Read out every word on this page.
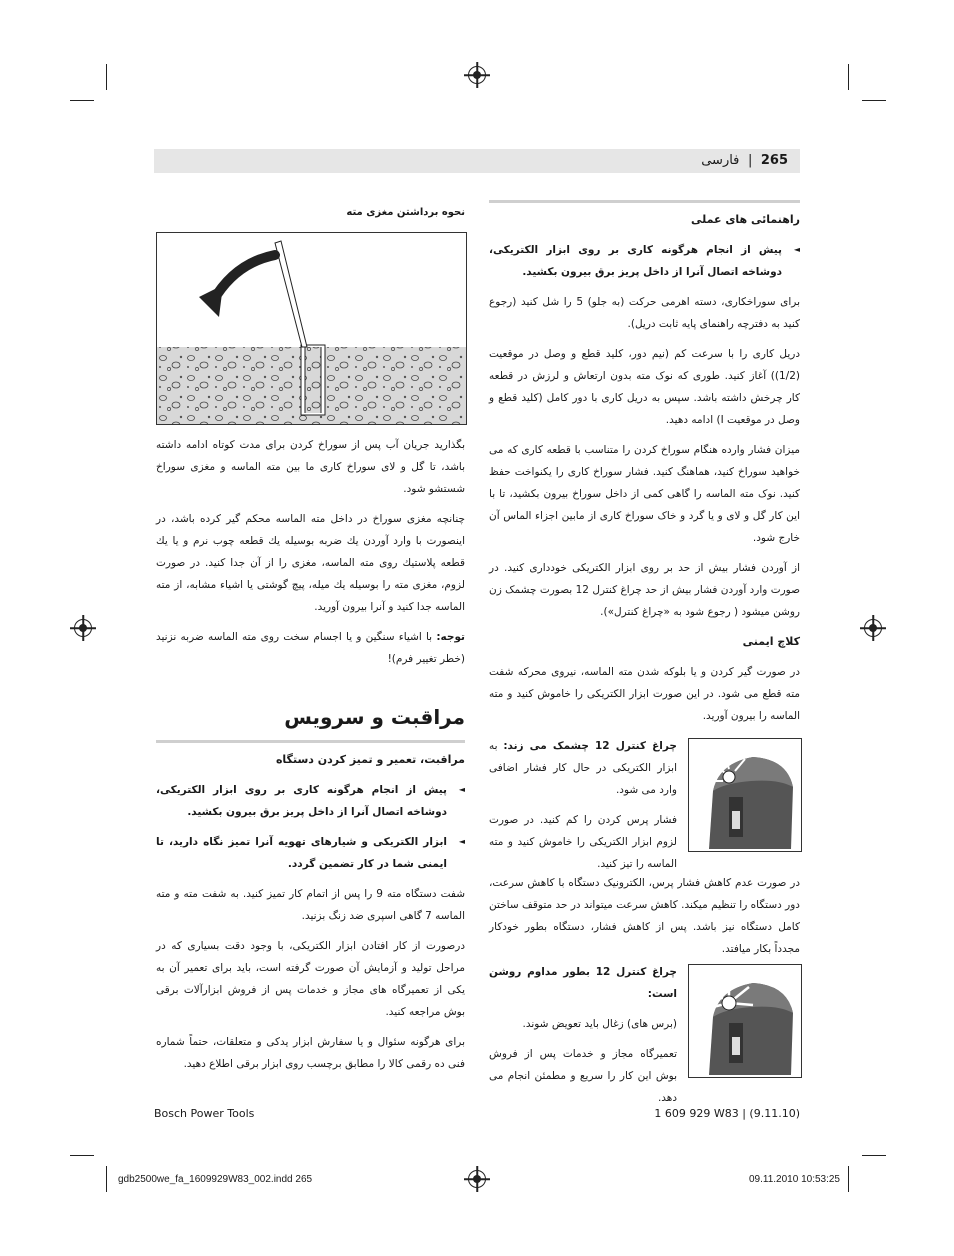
265 | فارسی
راهنمائی های عملی

◄ پیش از انجام هرگونه کاری بر روی ابزار الکتریکی، دوشاخه اتصال آنرا از داخل پریز برق بیرون بکشید.

برای سوراخکاری، دسته اهرمی حرکت (به جلو) 5 را شل کنید (رجوع کنید به دفترچه راهنمای پایه ثابت دریل).

دریل کاری را با سرعت کم (نیم دور، کلید قطع و وصل در موقعیت (1/2)) آغاز کنید. طوری که نوک مته بدون ارتعاش و لرزش در قطعه کار چرخش داشته باشد. سپس به دریل کاری با دور کامل (کلید قطع و وصل در موقعیت I) ادامه دهید.

میزان فشار وارده هنگام سوراخ کردن را متناسب با قطعه کاری که می خواهید سوراخ کنید، هماهنگ کنید. فشار سوراخ کاری را یکنواخت حفظ کنید. نوک مته الماسه را گاهی کمی از داخل سوراخ بیرون بکشید، تا با این کار گل و لای و یا گرد و خاک سوراخ کاری از مابین اجزاء الماس آن خارج شود.

از آوردن فشار بیش از حد بر روی ابزار الکتریکی خودداری کنید. در صورت وارد آوردن فشار بیش از حد چراغ کنترل 12 بصورت چشمک زن روشن میشود ( رجوع شود به «چراغ کنترل»).

کلاچ ایمنی

در صورت گیر کردن و یا بلوکه شدن مته الماسه، نیروی محرکه شفت مته قطع می شود. در این صورت ابزار الکتریکی را خاموش کنید و مته الماسه را بیرون آورید.

چراغ کنترل 12 چشمک می زند: به ابزار الکتریکی در حال کار فشار اضافی وارد می شود.

فشار پرس کردن را کم کنید. در صورت لزوم ابزار الکتریکی را خاموش کنید و مته الماسه را تیز کنید.

در صورت عدم کاهش فشار پرس، الکترونیک دستگاه با کاهش سرعت، دور دستگاه را تنظیم میکند. کاهش سرعت میتواند در حد متوقف ساختن کامل دستگاه نیز باشد. پس از کاهش فشار، دستگاه بطور خودکار مجدداً بکار میافتد.

چراغ کنترل 12 بطور مداوم روشن است:

(برس های) زغال باید تعویض شوند.

تعمیرگاه مجاز و خدمات پس از فروش بوش این کار را سریع و مطمئن انجام می دهد.

نحوه برداشتن مغزی مته

بگذارید جریان آب پس از سوراخ کردن برای مدت کوتاه ادامه داشته باشد، تا گل و لای سوراخ کاری ما بین مته الماسه و مغزی سوراخ شستشو شود.

چنانچه مغزی سوراخ در داخل مته الماسه محکم گیر کرده باشد، در اینصورت با وارد آوردن یك ضربه بوسیله یك قطعه چوب نرم و یا یك قطعه پلاستیك روی مته الماسه، مغزی را از آن جدا کنید. در صورت لزوم، مغزی مته را بوسیله یك میله، پیچ گوشتی یا اشیاء مشابه، از مته الماسه جدا کنید و آنرا بیرون آورید.

توجه: با اشیاء سنگین و یا اجسام سخت روی مته الماسه ضربه نزنید (خطر تغییر فرم)!

مراقبت و سرویس
مراقبت، تعمیر و تمیز کردن دستگاه

◄ پیش از انجام هرگونه کاری بر روی ابزار الکتریکی، دوشاخه اتصال آنرا از داخل پریز برق بیرون بکشید.

◄ ابزار الکتریکی و شیارهای تهویه آنرا تمیز نگاه دارید، تا ایمنی شما در کار تضمین گردد.

شفت دستگاه مته 9 را پس از اتمام کار تمیز کنید. به شفت مته و مته الماسه 7 گاهی اسپری ضد زنگ بزنید.

درصورت از کار افتادن ابزار الکتریکی، با وجود دقت بسیاری که در مراحل تولید و آزمایش آن صورت گرفته است، باید برای تعمیر آن به یکی از تعمیرگاه های مجاز و خدمات پس از فروش ابزارآلات برقی بوش مراجعه کنید.

برای هرگونه سئوال و یا سفارش ابزار یدکی و متعلقات، حتماً شماره فنی ده رقمی کالا را مطابق برچسب روی ابزار برقی اطلاع دهید.

Bosch Power Tools	1 609 929 W83 | (9.11.10)
gdb2500we_fa_1609929W83_002.indd 265	09.11.2010 10:53:25
